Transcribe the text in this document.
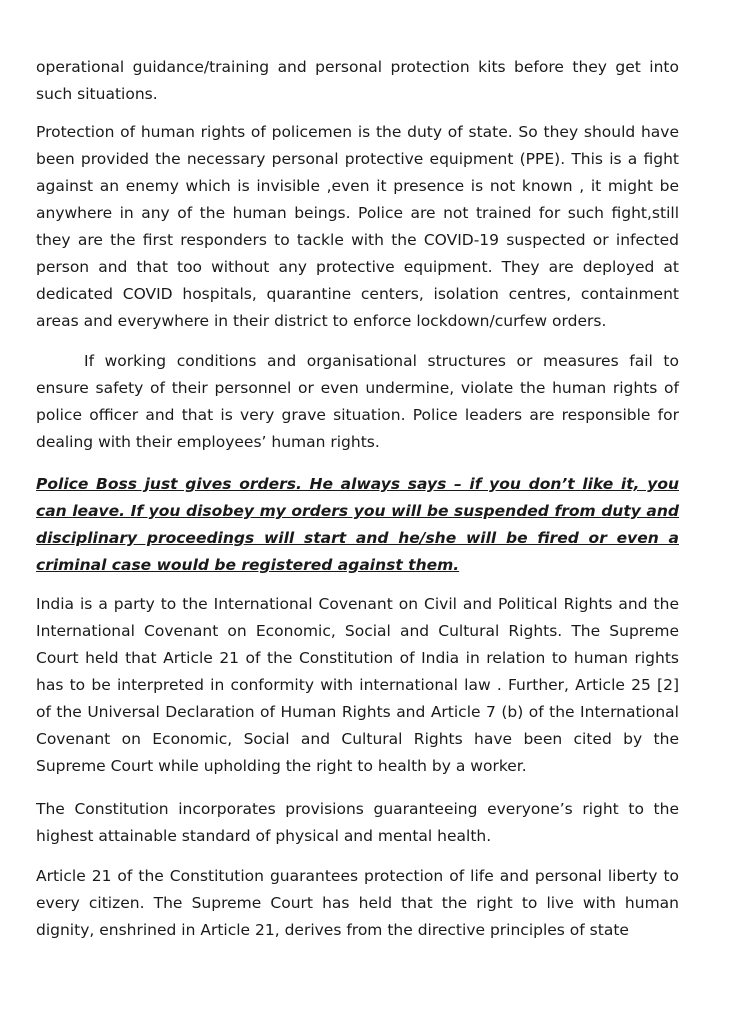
operational guidance/training and personal protection kits before they get into such situations.

Protection of human rights of policemen is the duty of state. So they should have been provided the necessary personal protective equipment (PPE). This is a fight against an enemy which is invisible ,even it presence is not known , it might be anywhere in any of the human beings. Police are not trained for such fight,still they are the first responders to tackle with the COVID-19 suspected or infected person and that too without any protective equipment. They are deployed at dedicated COVID hospitals, quarantine centers, isolation centres, containment areas and everywhere in their district to enforce lockdown/curfew orders.

If working conditions and organisational structures or measures fail to ensure safety of their personnel or even undermine, violate the human rights of police officer and that is very grave situation. Police leaders are responsible for dealing with their employees’ human rights.

Police Boss just gives orders. He always says – if you don’t like it, you can leave. If you disobey my orders you will be suspended from duty and disciplinary proceedings will start and he/she will be fired or even a criminal case would be registered against them.

India is a party to the International Covenant on Civil and Political Rights and the International Covenant on Economic, Social and Cultural Rights. The Supreme Court held that Article 21 of the Constitution of India in relation to human rights has to be interpreted in conformity with international law . Further, Article 25 [2] of the Universal Declaration of Human Rights and Article 7 (b) of the International Covenant on Economic, Social and Cultural Rights have been cited by the Supreme Court while upholding the right to health by a worker.

The Constitution incorporates provisions guaranteeing everyone’s right to the highest attainable standard of physical and mental health.

Article 21 of the Constitution guarantees protection of life and personal liberty to every citizen. The Supreme Court has held that the right to live with human dignity, enshrined in Article 21, derives from the directive principles of state
